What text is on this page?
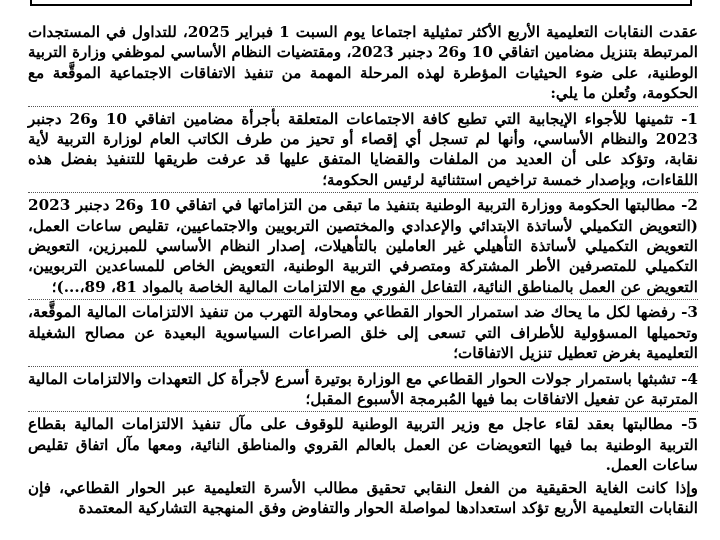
عقدت النقابات التعليمية الأربع الأكثر تمثيلية اجتماعا يوم السبت 1 فبراير 2025، للتداول في المستجدات المرتبطة بتنزيل مضامين اتفاقي 10 و26 دجنبر 2023، ومقتضيات النظام الأساسي لموظفي وزارة التربية الوطنية، على ضوء الحيثيات المؤطرة لهذه المرحلة المهمة من تنفيذ الاتفاقات الاجتماعية الموقَّعة مع الحكومة، وتُعلن ما يلي:

1- تثمينها للأجواء الإيجابية التي تطبع كافة الاجتماعات المتعلقة بأجرأة مضامين اتفاقي 10 و26 دجنبر 2023 والنظام الأساسي، وأنها لم تسجل أي إقصاء أو تحيز من طرف الكاتب العام لوزارة التربية لأية نقابة، وتؤكد على أن العديد من الملفات والقضايا المتفق عليها قد عرفت طريقها للتنفيذ بفضل هذه اللقاءات، وبإصدار خمسة تراخيص استثنائية لرئيس الحكومة؛

2- مطالبتها الحكومة ووزارة التربية الوطنية بتنفيذ ما تبقى من التزاماتها في اتفاقي 10 و26 دجنبر 2023 (التعويض التكميلي لأساتذة الابتدائي والإعدادي والمختصين التربويين والاجتماعيين، تقليص ساعات العمل، التعويض التكميلي لأساتذة التأهيلي غير العاملين بالتأهيلات، إصدار النظام الأساسي للمبرزين، التعويض التكميلي للمتصرفين الأطر المشتركة ومتصرفي التربية الوطنية، التعويض الخاص للمساعدين التربويين، التعويض عن العمل بالمناطق النائية، التفاعل الفوري مع الالتزامات المالية الخاصة بالمواد 81، 89،...)؛

3- رفضها لكل ما يحاك ضد استمرار الحوار القطاعي ومحاولة التهرب من تنفيذ الالتزامات المالية الموقَّعة، وتحميلها المسؤولية للأطراف التي تسعى إلى خلق الصراعات السياسوية البعيدة عن مصالح الشغيلة التعليمية بغرض تعطيل تنزيل الاتفاقات؛

4- تشبثها باستمرار جولات الحوار القطاعي مع الوزارة بوتيرة أسرع لأجرأة كل التعهدات والالتزامات المالية المترتبة عن تفعيل الاتفاقات بما فيها المُبرمجة الأسبوع المقبل؛

5- مطالبتها بعقد لقاء عاجل مع وزير التربية الوطنية للوقوف على مآل تنفيذ الالتزامات المالية بقطاع التربية الوطنية بما فيها التعويضات عن العمل بالعالم القروي والمناطق النائية، ومعها مآل اتفاق تقليص ساعات العمل.

وإذا كانت الغاية الحقيقية من الفعل النقابي تحقيق مطالب الأسرة التعليمية عبر الحوار القطاعي، فإن النقابات التعليمية الأربع تؤكد استعدادها لمواصلة الحوار والتفاوض وفق المنهجية التشاركية المعتمدة
